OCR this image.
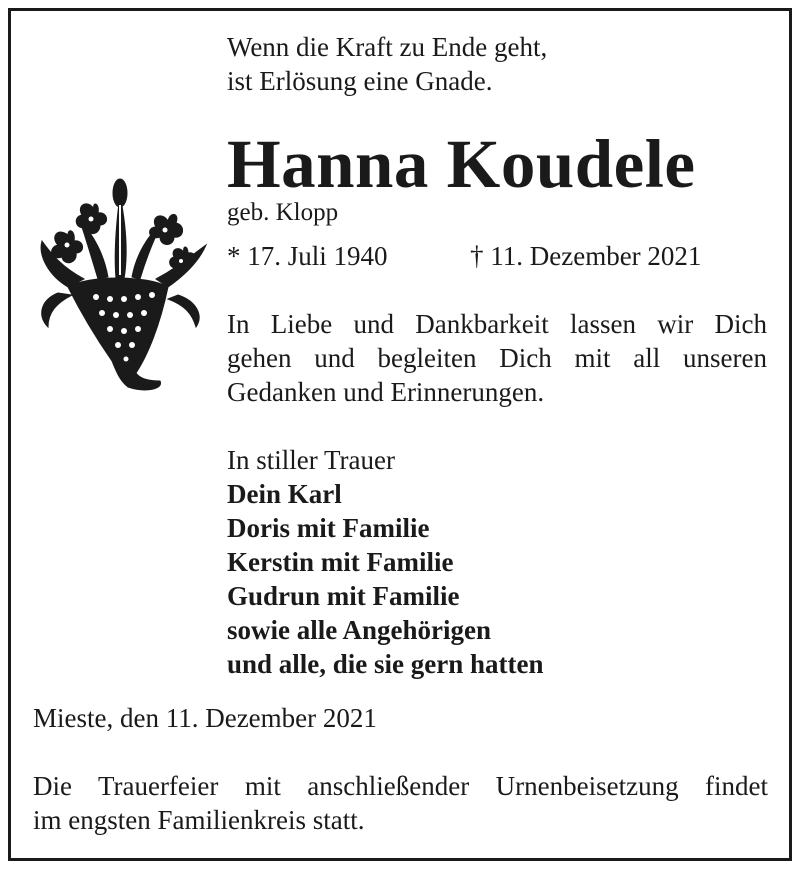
Wenn die Kraft zu Ende geht,
ist Erlösung eine Gnade.
Hanna Koudele
geb. Klopp
* 17. Juli 1940	† 11. Dezember 2021
In Liebe und Dankbarkeit lassen wir Dich
gehen und begleiten Dich mit all unseren
Gedanken und Erinnerungen.
In stiller Trauer
Dein Karl
Doris mit Familie
Kerstin mit Familie
Gudrun mit Familie
sowie alle Angehörigen
und alle, die sie gern hatten
Mieste, den 11. Dezember 2021
Die Trauerfeier mit anschließender Urnenbeisetzung findet
im engsten Familienkreis statt.
